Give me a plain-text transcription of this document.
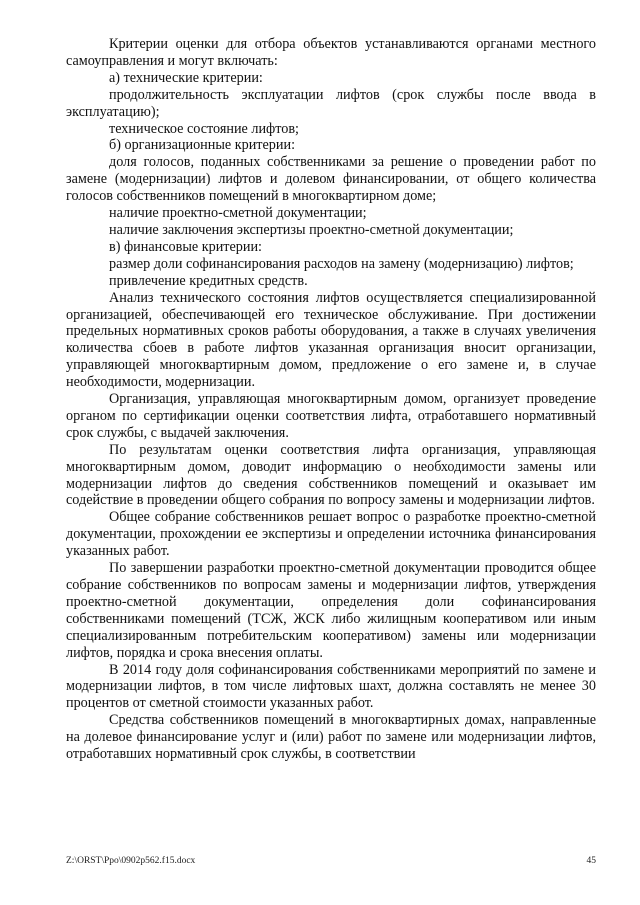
Критерии оценки для отбора объектов устанавливаются органами местного самоуправления и могут включать:

а) технические критерии:

продолжительность эксплуатации лифтов (срок службы после ввода в эксплуатацию);

техническое состояние лифтов;

б) организационные критерии:

доля голосов, поданных собственниками за решение о проведении работ по замене (модернизации) лифтов и долевом финансировании, от общего количества голосов собственников помещений в многоквартирном доме;

наличие проектно-сметной документации;

наличие заключения экспертизы проектно-сметной документации;

в) финансовые критерии:

размер доли софинансирования расходов на замену (модернизацию) лифтов;

привлечение кредитных средств.

Анализ технического состояния лифтов осуществляется специализированной организацией, обеспечивающей его техническое обслуживание. При достижении предельных нормативных сроков работы оборудования, а также в случаях увеличения количества сбоев в работе лифтов указанная организация вносит организации, управляющей многоквартирным домом, предложение о его замене и, в случае необходимости, модернизации.

Организация, управляющая многоквартирным домом, организует проведение органом по сертификации оценки соответствия лифта, отработавшего нормативный срок службы, с выдачей заключения.

По результатам оценки соответствия лифта организация, управляющая многоквартирным домом, доводит информацию о необходимости замены или модернизации лифтов до сведения собственников помещений и оказывает им содействие в проведении общего собрания по вопросу замены и модернизации лифтов.

Общее собрание собственников решает вопрос о разработке проектно-сметной документации, прохождении ее экспертизы и определении источника финансирования указанных работ.

По завершении разработки проектно-сметной документации проводится общее собрание собственников по вопросам замены и модернизации лифтов, утверждения проектно-сметной документации, определения доли софинансирования собственниками помещений (ТСЖ, ЖСК либо жилищным кооперативом или иным специализированным потребительским кооперативом) замены или модернизации лифтов, порядка и срока внесения оплаты.

В 2014 году доля софинансирования собственниками мероприятий по замене и модернизации лифтов, в том числе лифтовых шахт, должна составлять не менее 30 процентов от сметной стоимости указанных работ.

Средства собственников помещений в многоквартирных домах, направленные на долевое финансирование услуг и (или) работ по замене или модернизации лифтов, отработавших нормативный срок службы, в соответствии

Z:\ORST\Ppo\0902p562.f15.docx	45
